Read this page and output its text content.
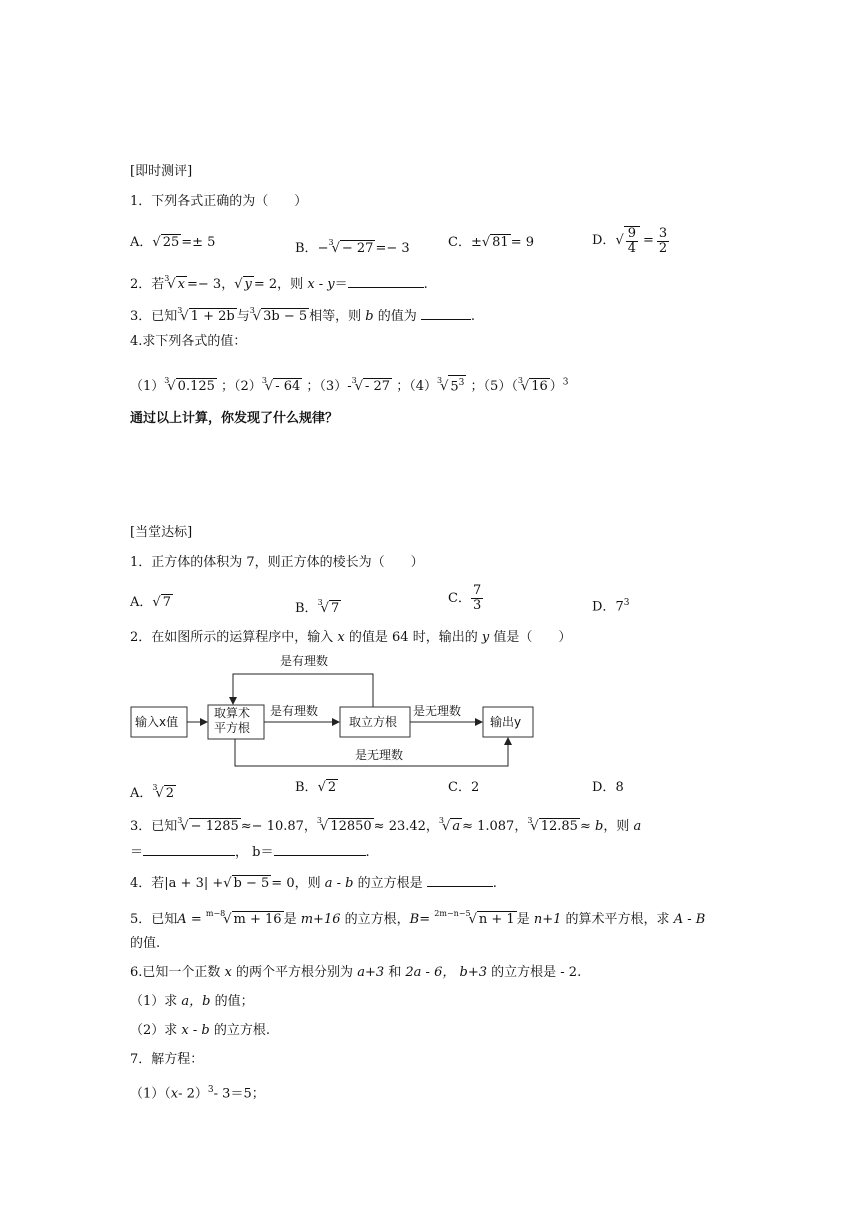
[即时测评]
1．下列各式正确的为（　　）
A．√ 25 =± 5	B．−$^3$√ − 27 =− 3	C．±√ 81 = 9	D． √ $\frac{9}{4} = \frac{3}{2}$
2．若$^3$√ x =− 3，√ y = 2，则 x - y＝	.
3．已知$^3$√ 1 + 2b 与$^3$√ 3b − 5 相等，则 b 的值为	.
4.求下列各式的值：
$(1)^3√$ 0.125 ；$(2)^3√ - 64$ ；（3）-$^3$√ - 27 ；$(4)^3√$ $5^3$ ；（5）（$^3$√ 16 ）$^3$
通过以上计算，你发现了什么规律？
[当堂达标]
1．正方体的体积为 7，则正方体的棱长为（　　）
A．√ 7	B．$^3$√ 7
C． $\frac{7}{3}$	D．$7^3$
2．在如图所示的运算程序中，输入 x 的值是 64 时，输出的 y 值是（　　）
是有理数
输入x值
取算术
平方根
是有理数
取立方根
是无理数
输出y
是无理数
A．$^3$√ 2	B．√ 2	C．2	D．8
3．已知$^3$√ − 1285 ≈− 10.87，$^3$√ 12850 ≈ 23.42，$^3$√ a ≈ 1.087，$^3$√ 12.85 ≈ b，则 a
＝	， b＝	.
4．若|a + 3| +√ b − 5 = 0，则 a - b 的立方根是	.
5．已知A = $^{m-8}$√ m + 16 是 m+16 的立方根，B= $^{2m-n-5}$√ n + 1 是 n+1 的算术平方根，求 A - B
的值.
6.已知一个正数 x 的两个平方根分别为 a+3 和 2a - 6， b+3 的立方根是 - 2.
（1）求 a，b 的值；
（2）求 x - b 的立方根.
7．解方程：
（1）（x- 2）$^3$- 3＝5；
